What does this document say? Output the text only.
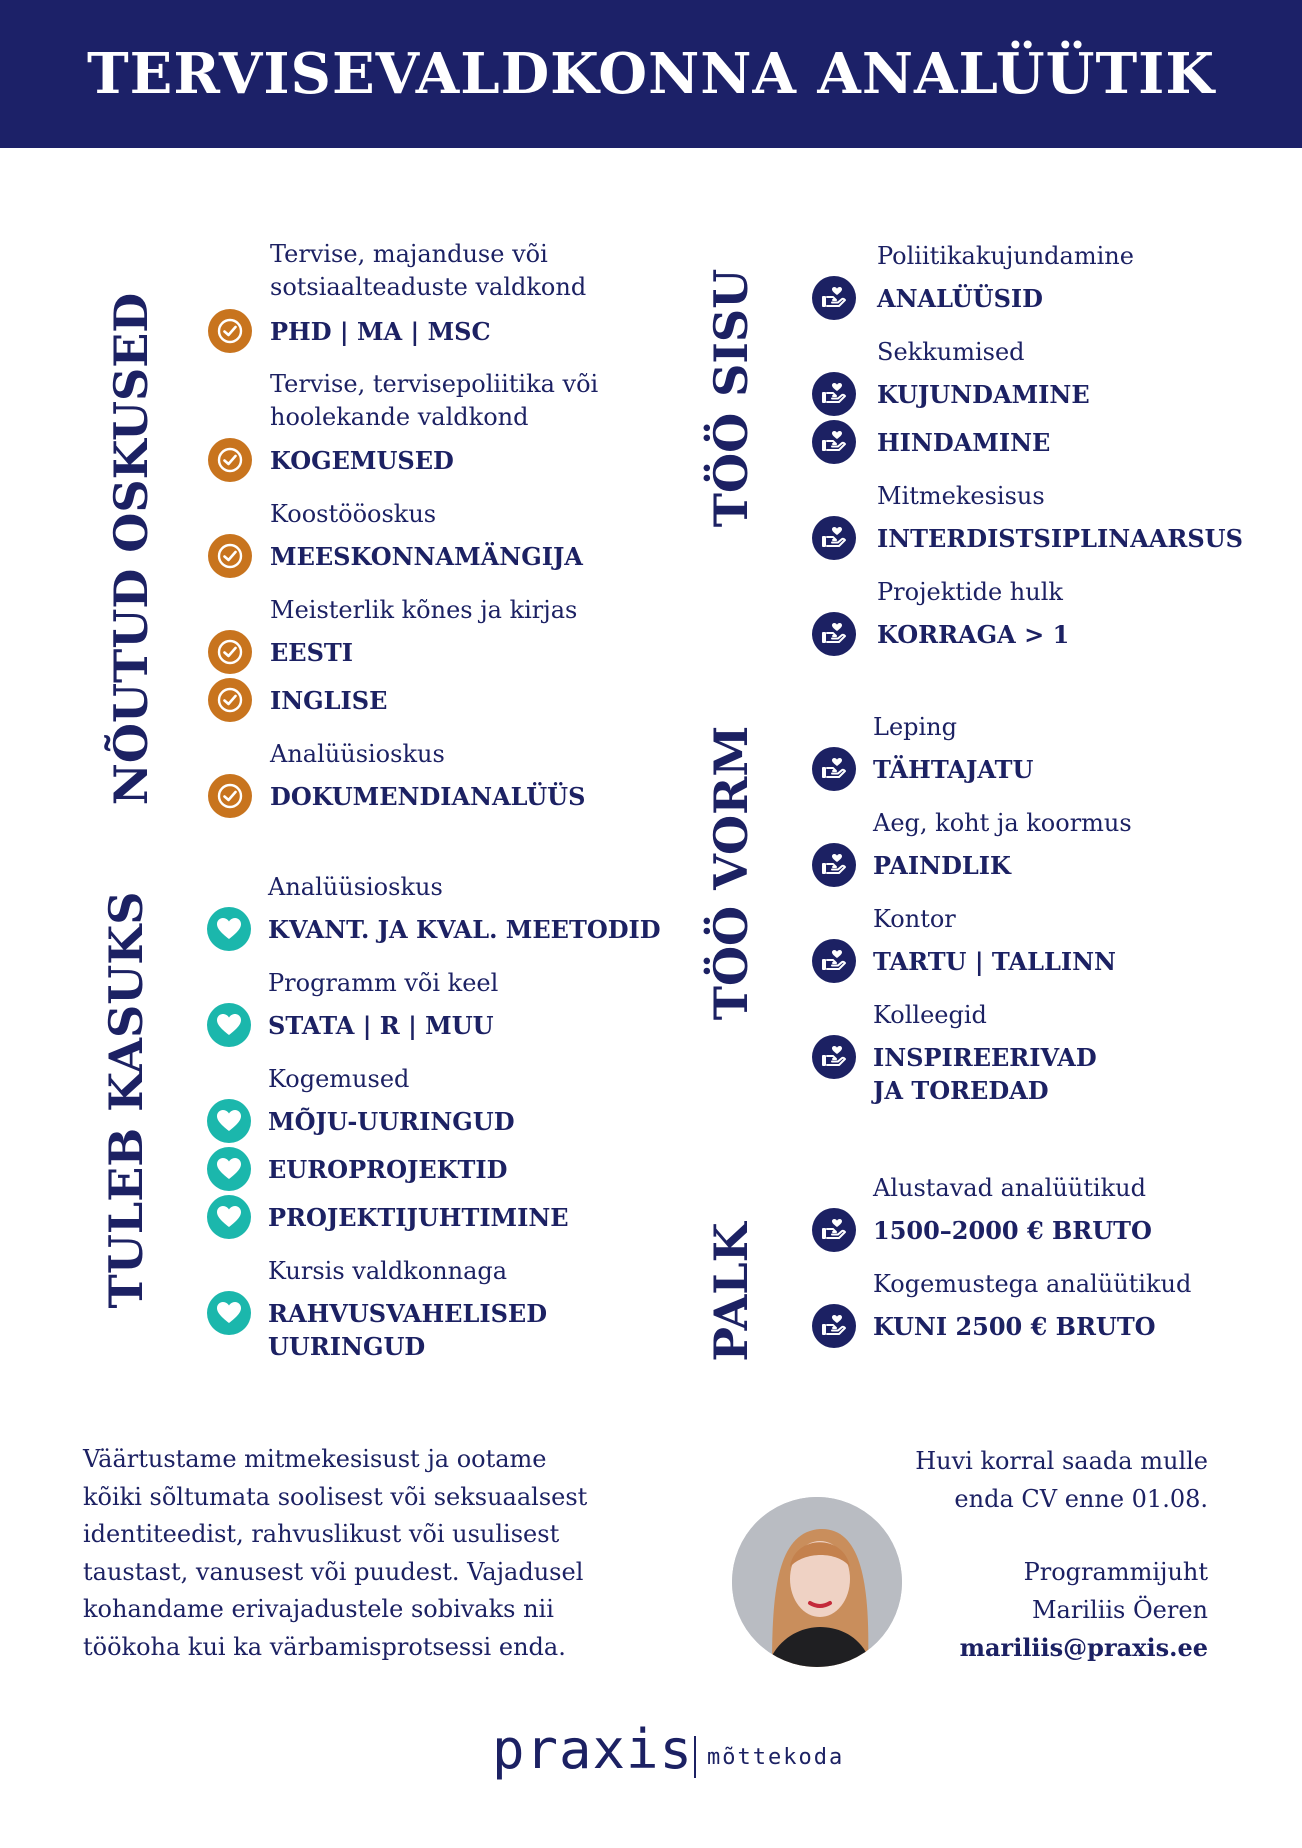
TERVISEVALDKONNA ANALÜÜTIK
NÕUTUD OSKUSED
TULEB KASUKS
TÖÖ SISU
TÖÖ VORM
PALK
Tervise, majanduse või
sotsiaalteaduste valdkond
PHD | MA | MSC
Tervise, tervisepoliitika või
hoolekande valdkond
KOGEMUSED
Koostööoskus
MEESKONNAMÄNGIJA
Meisterlik kõnes ja kirjas
EESTI
INGLISE
Analüüsioskus
DOKUMENDIANALÜÜS
Analüüsioskus
KVANT. JA KVAL. MEETODID
Programm või keel
STATA | R | MUU
Kogemused
MÕJU-UURINGUD
EUROPROJEKTID
PROJEKTIJUHTIMINE
Kursis valdkonnaga
RAHVUSVAHELISED
UURINGUD
Poliitikakujundamine
ANALÜÜSID
Sekkumised
KUJUNDAMINE
HINDAMINE
Mitmekesisus
INTERDISTSIPLINAARSUS
Projektide hulk
KORRAGA > 1
Leping
TÄHTAJATU
Aeg, koht ja koormus
PAINDLIK
Kontor
TARTU | TALLINN
Kolleegid
INSPIREERIVAD
JA TOREDAD
Alustavad analüütikud
1500–2000 € BRUTO
Kogemustega analüütikud
KUNI 2500 € BRUTO
Väärtustame mitmekesisust ja ootame
kõiki sõltumata soolisest või seksuaalsest
identiteedist, rahvuslikust või usulisest
taustast, vanusest või puudest. Vajadusel
kohandame erivajadustele sobivaks nii
töökoha kui ka värbamisprotsessi enda.
Huvi korral saada mulle
enda CV enne 01.08.
Programmijuht
Mariliis Öeren
mariliis@praxis.ee
praxis mõttekoda
